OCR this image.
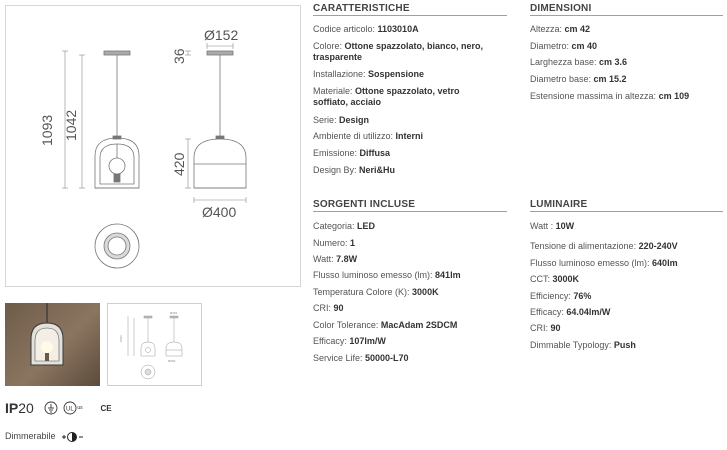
1093 1042
Ø152
36
420
Ø400
1093
Ø152
Ø400
IP20	UL us CE
Dimmerabile
CARATTERISTICHE
Codice articolo: 1103010A
Colore: Ottone spazzolato, bianco, nero,
trasparente
Installazione: Sospensione
Materiale: Ottone spazzolato, vetro
soffiato, acciaio
Serie: Design
Ambiente di utilizzo: Interni
Emissione: Diffusa
Design By: Neri&Hu
DIMENSIONI
Altezza: cm 42
Diametro: cm 40
Larghezza base: cm 3.6
Diametro base: cm 15.2
Estensione massima in altezza: cm 109
SORGENTI INCLUSE
Categoria: LED
Numero: 1
Watt: 7.8W
Flusso luminoso emesso (lm): 841lm
Temperatura Colore (K): 3000K
CRI: 90
Color Tolerance: MacAdam 2SDCM
Efficacy: 107lm/W
Service Life: 50000-L70
LUMINAIRE
Watt : 10W
Tensione di alimentazione: 220-240V
Flusso luminoso emesso (lm): 640lm
CCT: 3000K
Efficiency: 76%
Efficacy: 64.04lm/W
CRI: 90
Dimmable Typology: Push
